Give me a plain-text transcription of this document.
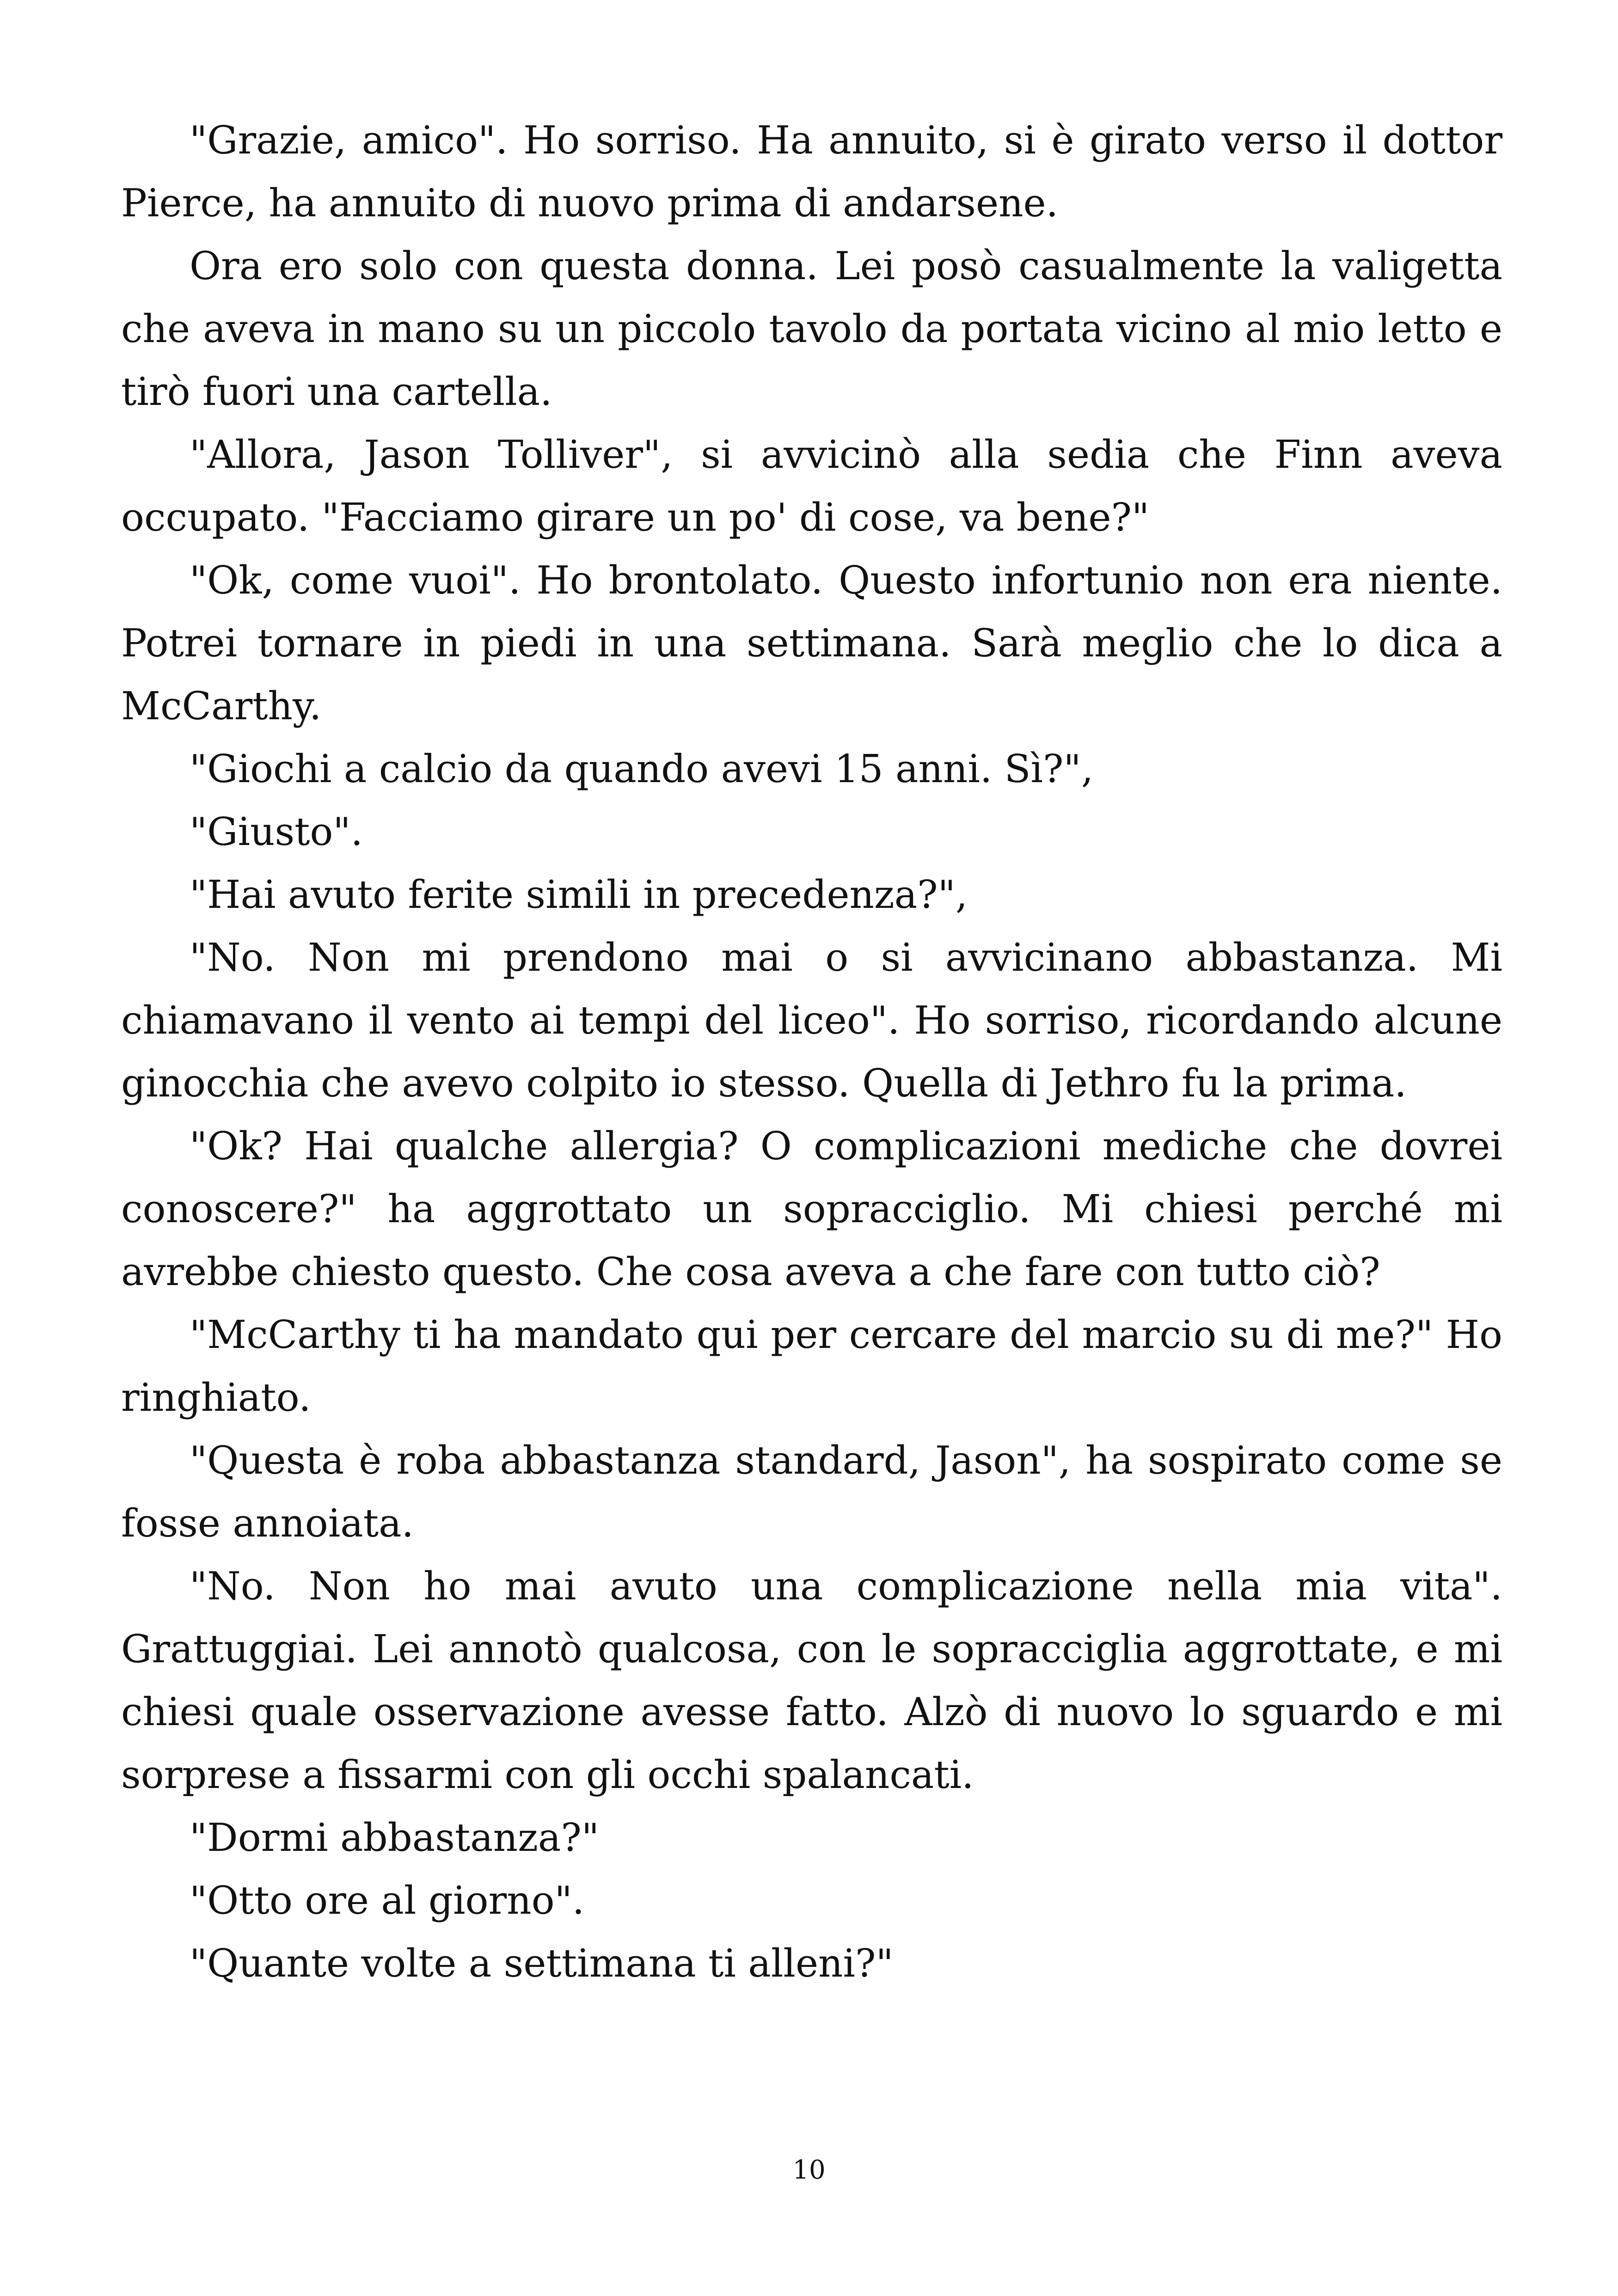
"Grazie, amico". Ho sorriso. Ha annuito, si è girato verso il dottor Pierce, ha annuito di nuovo prima di andarsene.

Ora ero solo con questa donna. Lei posò casualmente la valigetta che aveva in mano su un piccolo tavolo da portata vicino al mio letto e tirò fuori una cartella.

"Allora, Jason Tolliver", si avvicinò alla sedia che Finn aveva occupato. "Facciamo girare un po' di cose, va bene?"

"Ok, come vuoi". Ho brontolato. Questo infortunio non era niente. Potrei tornare in piedi in una settimana. Sarà meglio che lo dica a McCarthy.

"Giochi a calcio da quando avevi 15 anni. Sì?",

"Giusto".

"Hai avuto ferite simili in precedenza?",

"No. Non mi prendono mai o si avvicinano abbastanza. Mi chiamavano il vento ai tempi del liceo". Ho sorriso, ricordando alcune ginocchia che avevo colpito io stesso. Quella di Jethro fu la prima.

"Ok? Hai qualche allergia? O complicazioni mediche che dovrei conoscere?" ha aggrottato un sopracciglio. Mi chiesi perché mi avrebbe chiesto questo. Che cosa aveva a che fare con tutto ciò?

"McCarthy ti ha mandato qui per cercare del marcio su di me?" Ho ringhiato.

"Questa è roba abbastanza standard, Jason", ha sospirato come se fosse annoiata.

"No. Non ho mai avuto una complicazione nella mia vita". Grattuggiai. Lei annotò qualcosa, con le sopracciglia aggrottate, e mi chiesi quale osservazione avesse fatto. Alzò di nuovo lo sguardo e mi sorprese a fissarmi con gli occhi spalancati.

"Dormi abbastanza?"

"Otto ore al giorno".

"Quante volte a settimana ti alleni?"

10
